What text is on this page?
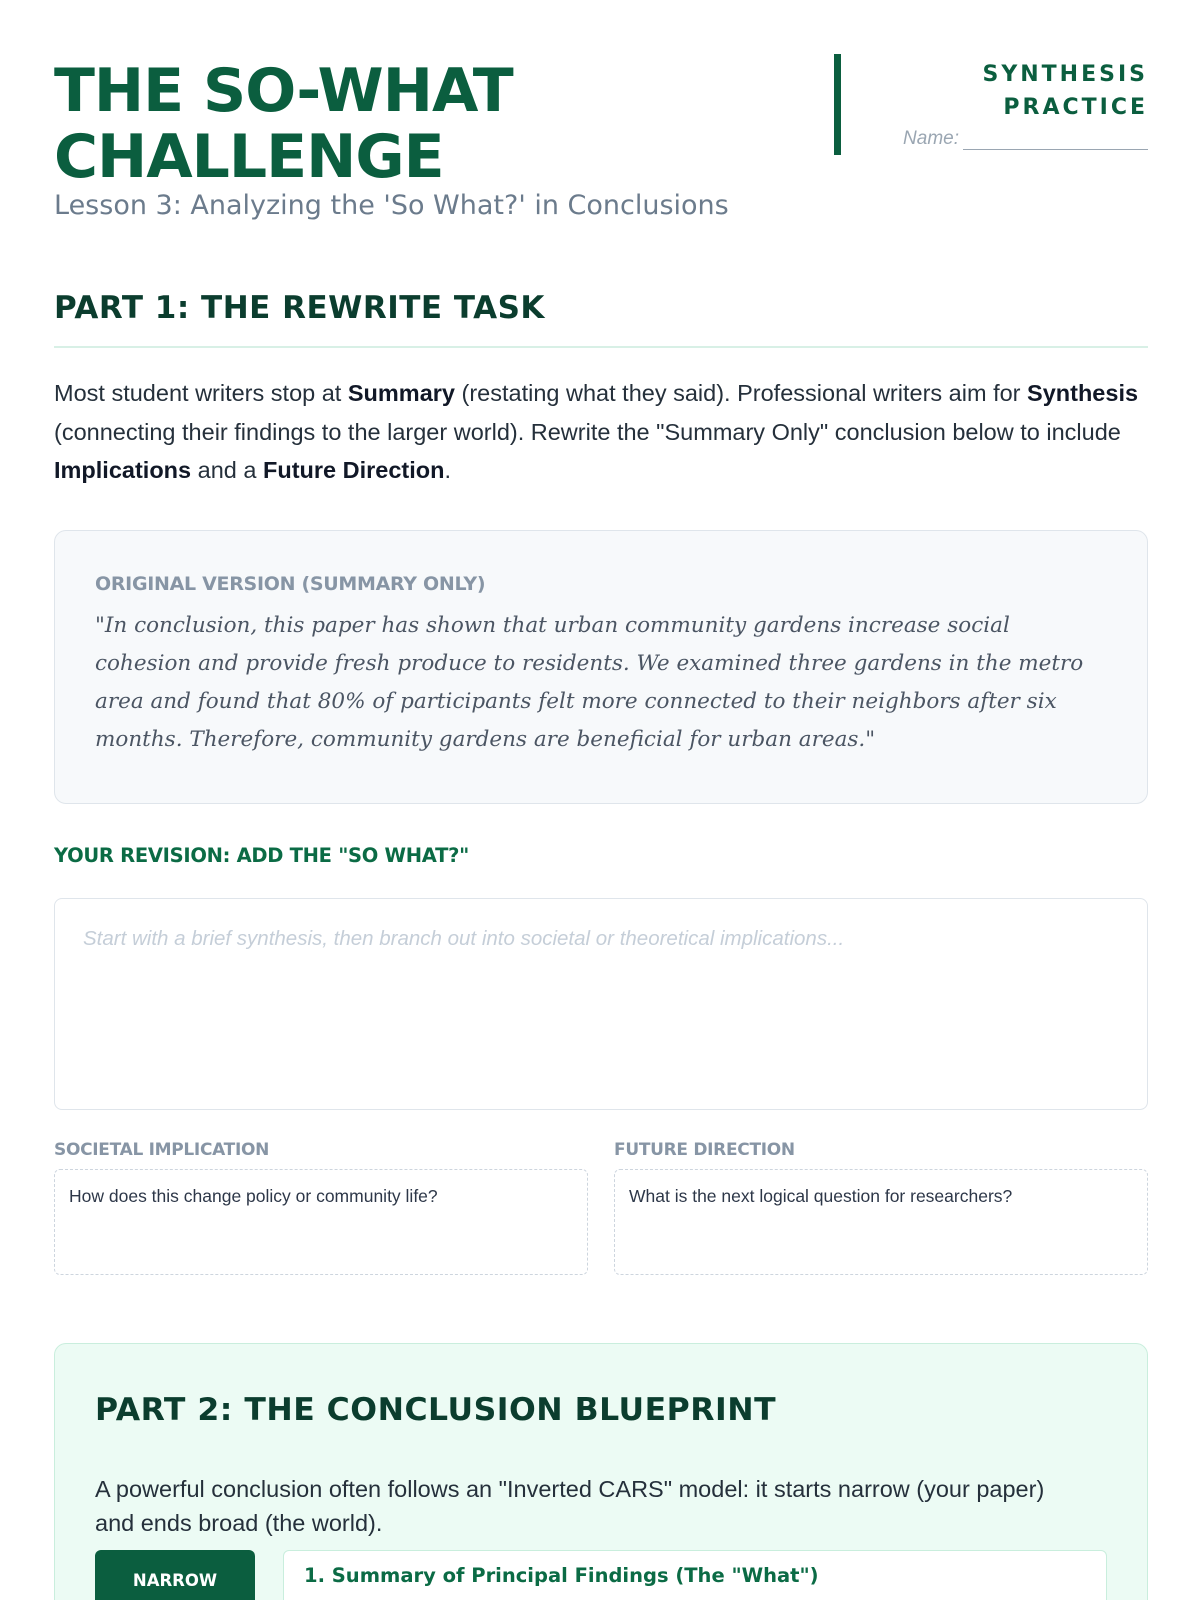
THE SO-WHAT
CHALLENGE
Lesson 3: Analyzing the 'So What?' in Conclusions
SYNTHESIS
PRACTICE
Name:
PART 1: THE REWRITE TASK

Most student writers stop at Summary (restating what they said). Professional writers aim for Synthesis (connecting their findings to the larger world). Rewrite the "Summary Only" conclusion below to include Implications and a Future Direction.

ORIGINAL VERSION (SUMMARY ONLY)
"In conclusion, this paper has shown that urban community gardens increase social cohesion and provide fresh produce to residents. We examined three gardens in the metro area and found that 80% of participants felt more connected to their neighbors after six months. Therefore, community gardens are beneficial for urban areas."
YOUR REVISION: ADD THE "SO WHAT?"
Start with a brief synthesis, then branch out into societal or theoretical implications...
SOCIETAL IMPLICATION
How does this change policy or community life?
FUTURE DIRECTION
What is the next logical question for researchers?
PART 2: THE CONCLUSION BLUEPRINT
A powerful conclusion often follows an "Inverted CARS" model: it starts narrow (your paper) and ends broad (the world).
NARROW	1. Summary of Principal Findings (The "What")
